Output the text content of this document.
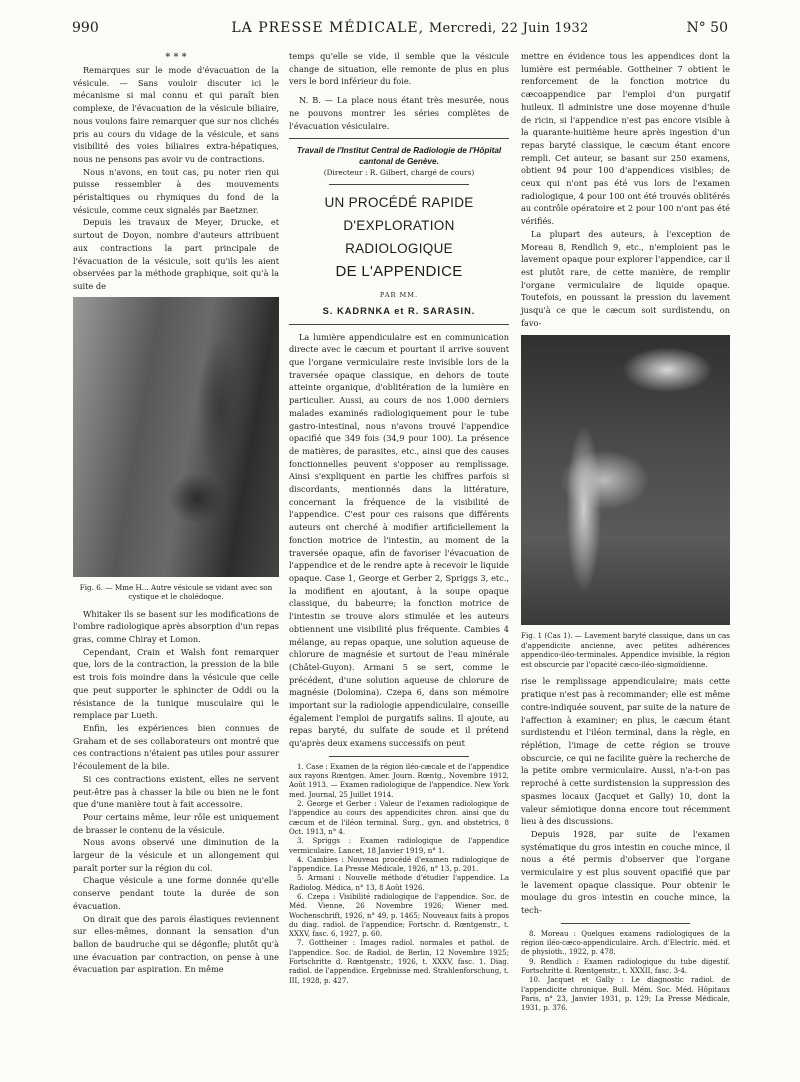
990	LA PRESSE MÉDICALE, Mercredi, 22 Juin 1932	N° 50

* * *

Remarques sur le mode d'évacuation de la vésicule. — Sans vouloir discuter ici le mécanisme si mal connu et qui paraît bien complexe, de l'évacuation de la vésicule biliaire, nous voulons faire remarquer que sur nos clichés pris au cours du vidage de la vésicule, et sans visibilité des voies biliaires extra-hépatiques, nous ne pensons pas avoir vu de contractions.

Nous n'avons, en tout cas, pu noter rien qui puisse ressembler à des mouvements péristaltiques ou rhymiques du fond de la vésicule, comme ceux signalés par Baetzner.

Depuis les travaux de Meyer, Drucke, et surtout de Doyon, nombre d'auteurs attribuent aux contractions la part principale de l'évacuation de la vésicule, soit qu'ils les aient observées par la méthode graphique, soit qu'à la suite de

Fig. 6. — Mme H... Autre vésicule se vidant avec son cystique et le cholédoque.

Whitaker ils se basent sur les modifications de l'ombre radiologique après absorption d'un repas gras, comme Chiray et Lomon.

Cependant, Crain et Walsh font remarquer que, lors de la contraction, la pression de la bile est trois fois moindre dans la vésicule que celle que peut supporter le sphincter de Oddi ou la résistance de la tunique musculaire qui le remplace par Lueth.

Enfin, les expériences bien connues de Graham et de ses collaborateurs ont montré que ces contractions n'étaient pas utiles pour assurer l'écoulement de la bile.

Si ces contractions existent, elles ne servent peut-être pas à chasser la bile ou bien ne le font que d'une manière tout à fait accessoire.

Pour certains même, leur rôle est uniquement de brasser le contenu de la vésicule.

Nous avons observé une diminution de la largeur de la vésicule et un allongement qui paraît porter sur la région du col.

Chaque vésicule a une forme donnée qu'elle conserve pendant toute la durée de son évacuation.

On dirait que des parois élastiques reviennent sur elles-mêmes, donnant la sensation d'un ballon de baudruche qui se dégonfle; plutôt qu'à une évacuation par contraction, on pense à une évacuation par aspiration. En même

temps qu'elle se vide, il semble que la vésicule change de situation, elle remonte de plus en plus vers le bord inférieur du foie.

N. B. — La place nous étant très mesurée, nous ne pouvons montrer les séries complètes de l'évacuation vésiculaire.

Travail de l'Institut Central de Radiologie de l'Hôpital cantonal de Genève.

(Directeur : R. Gilbert, chargé de cours)

UN PROCÉDÉ RAPIDE

D'EXPLORATION RADIOLOGIQUE

DE L'APPENDICE

PAR MM.

S. KADRNKA et R. SARASIN.

La lumière appendiculaire est en communication directe avec le cæcum et pourtant il arrive souvent que l'organe vermiculaire reste invisible lors de la traversée opaque classique, en dehors de toute atteinte organique, d'oblitération de la lumière en particulier. Aussi, au cours de nos 1.000 derniers malades examinés radiologiquement pour le tube gastro-intestinal, nous n'avons trouvé l'appendice opacifié que 349 fois (34,9 pour 100). La présence de matières, de parasites, etc., ainsi que des causes fonctionnelles peuvent s'opposer au remplissage. Ainsi s'expliquent en partie les chiffres parfois si discordants, mentionnés dans la littérature, concernant la fréquence de la visibilité de l'appendice. C'est pour ces raisons que différents auteurs ont cherché à modifier artificiellement la fonction motrice de l'intestin, au moment de la traversée opaque, afin de favoriser l'évacuation de l'appendice et de le rendre apte à recevoir le liquide opaque. Case 1, George et Gerber 2, Spriggs 3, etc., la modifient en ajoutant, à la soupe opaque classique, du babeurre; la fonction motrice de l'intestin se trouve alors stimulée et les auteurs obtiennent une visibilité plus fréquente. Cambies 4 mélange, au repas opaque, une solution aqueuse de chlorure de magnésie et surtout de l'eau minérale (Châtel-Guyon). Armani 5 se sert, comme le précédent, d'une solution aqueuse de chlorure de magnésie (Dolomina). Czepa 6, dans son mémoire important sur la radiologie appendiculaire, conseille également l'emploi de purgatifs salins. Il ajoute, au repas baryté, du sulfate de soude et il prétend qu'après deux examens successifs on peut

1. Case : Examen de la région iléo-cæcale et de l'appendice aux rayons Rœntgen. Amer. Journ. Rœntg., Novembre 1912, Août 1913. — Examen radiologique de l'appendice. New York med. Journal, 25 Juillet 1914.

2. George et Gerber : Valeur de l'examen radiologique de l'appendice au cours des appendicites chron. ainsi que du cæcum et de l'iléon terminal. Surg., gyn. and obstetrics, 8 Oct. 1913, n° 4.

3. Spriggs : Examen radiologique de l'appendice vermiculaire. Lancet, 18 Janvier 1919, n° 1.

4. Cambies : Nouveau procédé d'examen radiologique de l'appendice. La Presse Médicale, 1926, n° 13, p. 201.

5. Armani : Nouvelle méthode d'étudier l'appendice. La Radiolog. Médica, n° 13, 8 Août 1926.

6. Czepa : Visibilité radiologique de l'appendice. Soc. de Méd. Vienne, 26 Novembre 1926; Wiener med. Wochenschrift, 1926, n° 49, p. 1465; Nouveaux faits à propos du diag. radiol. de l'appendice; Fortschr. d. Rœntgenstr., t. XXXV, fasc. 6, 1927, p. 60.

7. Gottheiner : Images radiol. normales et pathol. de l'appendice. Soc. de Radiol. de Berlin, 12 Novembre 1925; Fortschritte d. Rœntgenstr., 1926, t. XXXV, fasc. 1. Diag. radiol. de l'appendice. Ergebnisse med. Strahlenforschung, t. III, 1928, p. 427.

mettre en évidence tous les appendices dont la lumière est perméable. Gottheiner 7 obtient le renforcement de la fonction motrice du cæcoappendice par l'emploi d'un purgatif huileux. Il administre une dose moyenne d'huile de ricin, si l'appendice n'est pas encore visible à la quarante-huitième heure après ingestion d'un repas baryté classique, le cæcum étant encore rempli. Cet auteur, se basant sur 250 examens, obtient 94 pour 100 d'appendices visibles; de ceux qui n'ont pas été vus lors de l'examen radiologique, 4 pour 100 ont été trouvés oblitérés au contrôle opératoire et 2 pour 100 n'ont pas été vérifiés.

La plupart des auteurs, à l'exception de Moreau 8, Rendlich 9, etc., n'emploient pas le lavement opaque pour explorer l'appendice, car il est plutôt rare, de cette manière, de remplir l'organe vermiculaire de liquide opaque. Toutefois, en poussant la pression du lavement jusqu'à ce que le cæcum soit surdistendu, on favo-

Fig. 1 (Cas 1). — Lavement baryté classique, dans un cas d'appendicite ancienne, avec petites adhérences appendico-iléo-terminales. Appendice invisible, la région est obscurcie par l'opacité cæco-iléo-sigmoïdienne.

rise le remplissage appendiculaire; mais cette pratique n'est pas à recommander; elle est même contre-indiquée souvent, par suite de la nature de l'affection à examiner; en plus, le cæcum étant surdistendu et l'iléon terminal, dans la règle, en réplétion, l'image de cette région se trouve obscurcie, ce qui ne facilite guère la recherche de la petite ombre vermiculaire. Aussi, n'a-t-on pas reproché à cette surdistension la suppression des spasmes locaux (Jacquet et Gally) 10, dont la valeur sémiotique donna encore tout récemment lieu à des discussions.

Depuis 1928, par suite de l'examen systématique du gros intestin en couche mince, il nous a été permis d'observer que l'organe vermiculaire y est plus souvent opacifié que par le lavement opaque classique. Pour obtenir le moulage du gros intestin en couche mince, la tech-

8. Moreau : Quelques examens radiologiques de la région iléo-cæco-appendiculaire. Arch. d'Electric. méd. et de physioth., 1922, p. 478.

9. Rendlich : Examen radiologique du tube digestif. Fortschritte d. Rœntgenstr., t. XXXII, fasc. 3-4.

10. Jacquet et Gally : Le diagnostic radiol. de l'appendicite chronique. Bull. Mém. Soc. Méd. Hôpitaux Paris, n° 23, Janvier 1931, p. 129; La Presse Médicale, 1931, p. 376.
